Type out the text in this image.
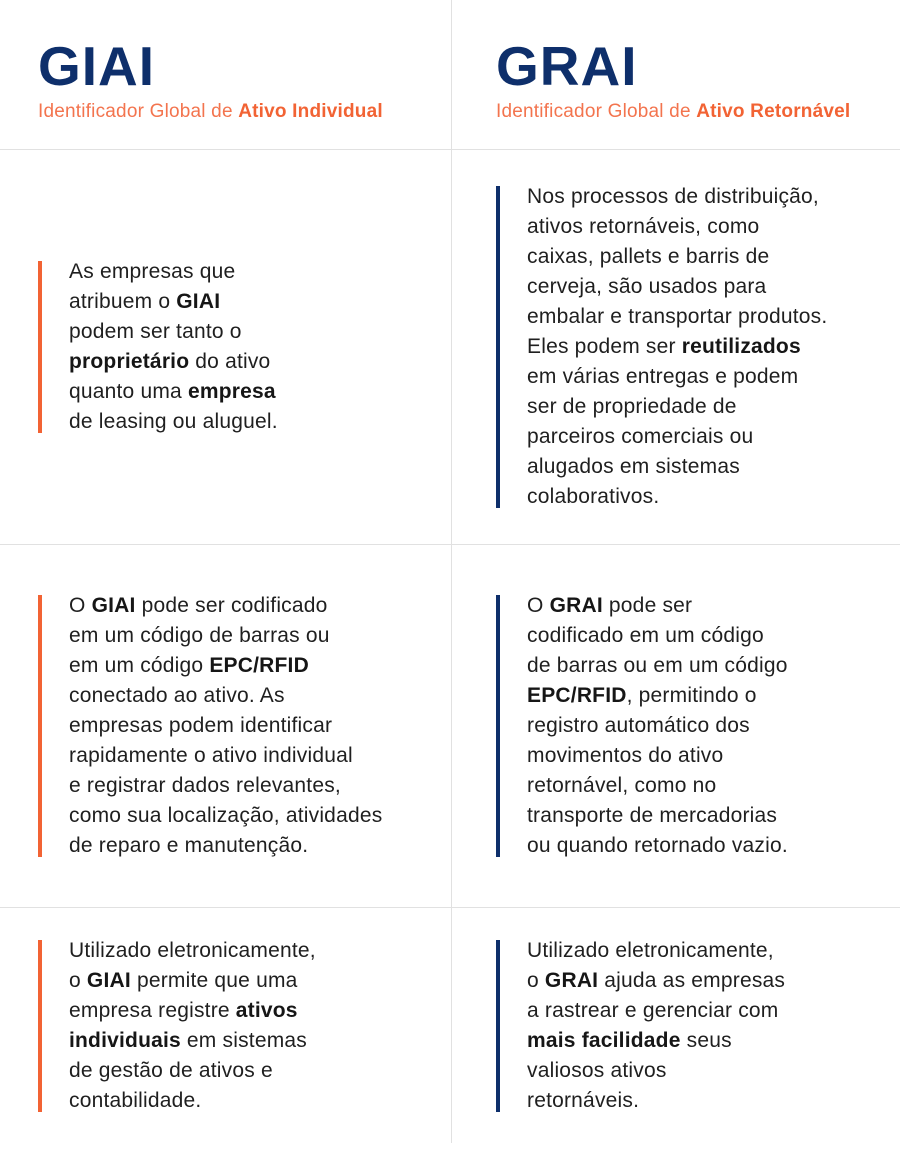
GIAI

Identificador Global de Ativo Individual

GRAI

Identificador Global de Ativo Retornável

As empresas que
atribuem o GIAI
podem ser tanto o
proprietário do ativo
quanto uma empresa
de leasing ou aluguel.
Nos processos de distribuição,
ativos retornáveis, como
caixas, pallets e barris de
cerveja, são usados para
embalar e transportar produtos.
Eles podem ser reutilizados
em várias entregas e podem
ser de propriedade de
parceiros comerciais ou
alugados em sistemas
colaborativos.
O GIAI pode ser codificado
em um código de barras ou
em um código EPC/RFID
conectado ao ativo. As
empresas podem identificar
rapidamente o ativo individual
e registrar dados relevantes,
como sua localização, atividades
de reparo e manutenção.
O GRAI pode ser
codificado em um código
de barras ou em um código
EPC/RFID, permitindo o
registro automático dos
movimentos do ativo
retornável, como no
transporte de mercadorias
ou quando retornado vazio.
Utilizado eletronicamente,
o GIAI permite que uma
empresa registre ativos
individuais em sistemas
de gestão de ativos e
contabilidade.
Utilizado eletronicamente,
o GRAI ajuda as empresas
a rastrear e gerenciar com
mais facilidade seus
valiosos ativos
retornáveis.
